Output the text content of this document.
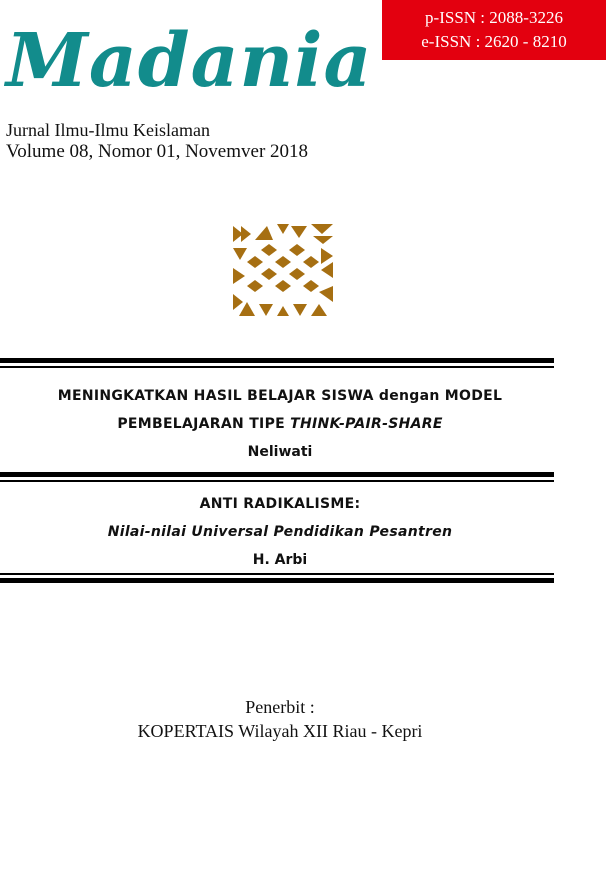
p-ISSN : 2088-3226
e-ISSN : 2620 - 8210
Madania
Jurnal Ilmu-Ilmu Keislaman
Volume 08, Nomor 01, Novemver 2018
MENINGKATKAN HASIL BELAJAR SISWA dengan MODEL
PEMBELAJARAN TIPE THINK-PAIR-SHARE
Neliwati
ANTI RADIKALISME:
Nilai-nilai Universal Pendidikan Pesantren
H. Arbi
Penerbit :
KOPERTAIS Wilayah XII Riau - Kepri
